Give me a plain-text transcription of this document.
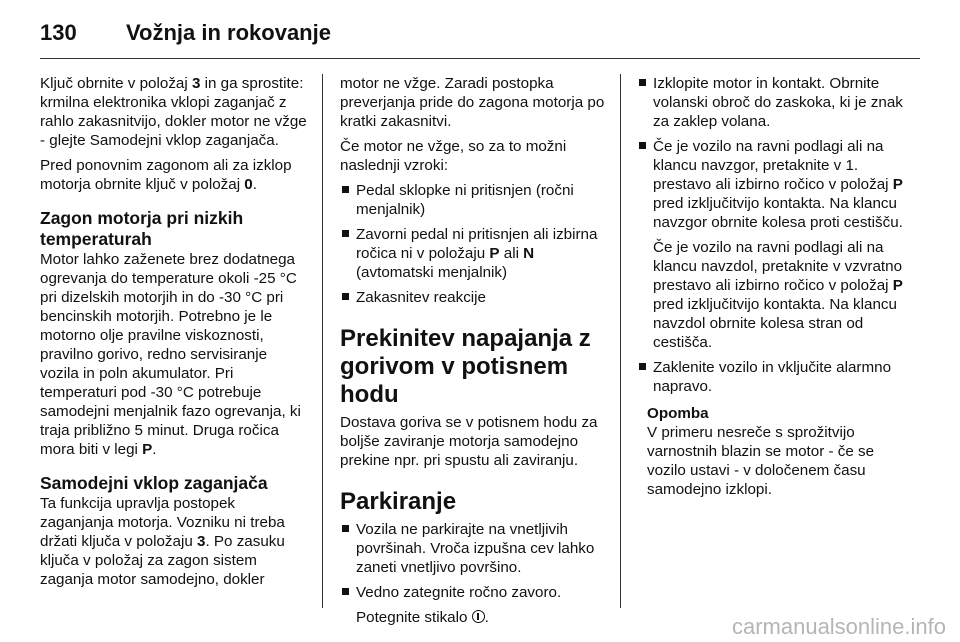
130 Vožnja in rokovanje

Ključ obrnite v položaj 3 in ga sprostite: krmilna elektronika vklopi zaganjač z rahlo zakasnitvijo, dokler motor ne vžge - glejte Samodejni vklop zaganjača.

Pred ponovnim zagonom ali za izklop motorja obrnite ključ v položaj 0.

Zagon motorja pri nizkih temperaturah

Motor lahko zaženete brez dodatnega ogrevanja do temperature okoli -25 °C pri dizelskih motorjih in do -30 °C pri bencinskih motorjih. Potrebno je le motorno olje pravilne viskoznosti, pravilno gorivo, redno servisiranje vozila in poln akumulator. Pri temperaturi pod -30 °C potrebuje samodejni menjalnik fazo ogrevanja, ki traja približno 5 minut. Druga ročica mora biti v legi P.

Samodejni vklop zaganjača

Ta funkcija upravlja postopek zaganjanja motorja. Vozniku ni treba držati ključa v položaju 3. Po zasuku ključa v položaj za zagon sistem zaganja motor samodejno, dokler

motor ne vžge. Zaradi postopka preverjanja pride do zagona motorja po kratki zakasnitvi.

Če motor ne vžge, so za to možni naslednji vzroki:

Pedal sklopke ni pritisnjen (ročni menjalnik)
Zavorni pedal ni pritisnjen ali izbirna ročica ni v položaju P ali N (avtomatski menjalnik)
Zakasnitev reakcije
Prekinitev napajanja z gorivom v potisnem hodu

Dostava goriva se v potisnem hodu za boljše zaviranje motorja samodejno prekine npr. pri spustu ali zaviranju.

Parkiranje
Vozila ne parkirajte na vnetljivih površinah. Vroča izpušna cev lahko zaneti vnetljivo površino.
Vedno zategnite ročno zavoro.

Potegnite stikalo .

Izklopite motor in kontakt. Obrnite volanski obroč do zaskoka, ki je znak za zaklep volana.
Če je vozilo na ravni podlagi ali na klancu navzgor, pretaknite v 1. prestavo ali izbirno ročico v položaj P pred izključitvijo kontakta. Na klancu navzgor obrnite kolesa proti cestišču.

Če je vozilo na ravni podlagi ali na klancu navzdol, pretaknite v vzvratno prestavo ali izbirno ročico v položaj P pred izključitvijo kontakta. Na klancu navzdol obrnite kolesa stran od cestišča.

Zaklenite vozilo in vključite alarmno napravo.
Opomba
V primeru nesreče s sprožitvijo varnostnih blazin se motor - če se vozilo ustavi - v določenem času samodejno izklopi.
carmanualsonline.info
